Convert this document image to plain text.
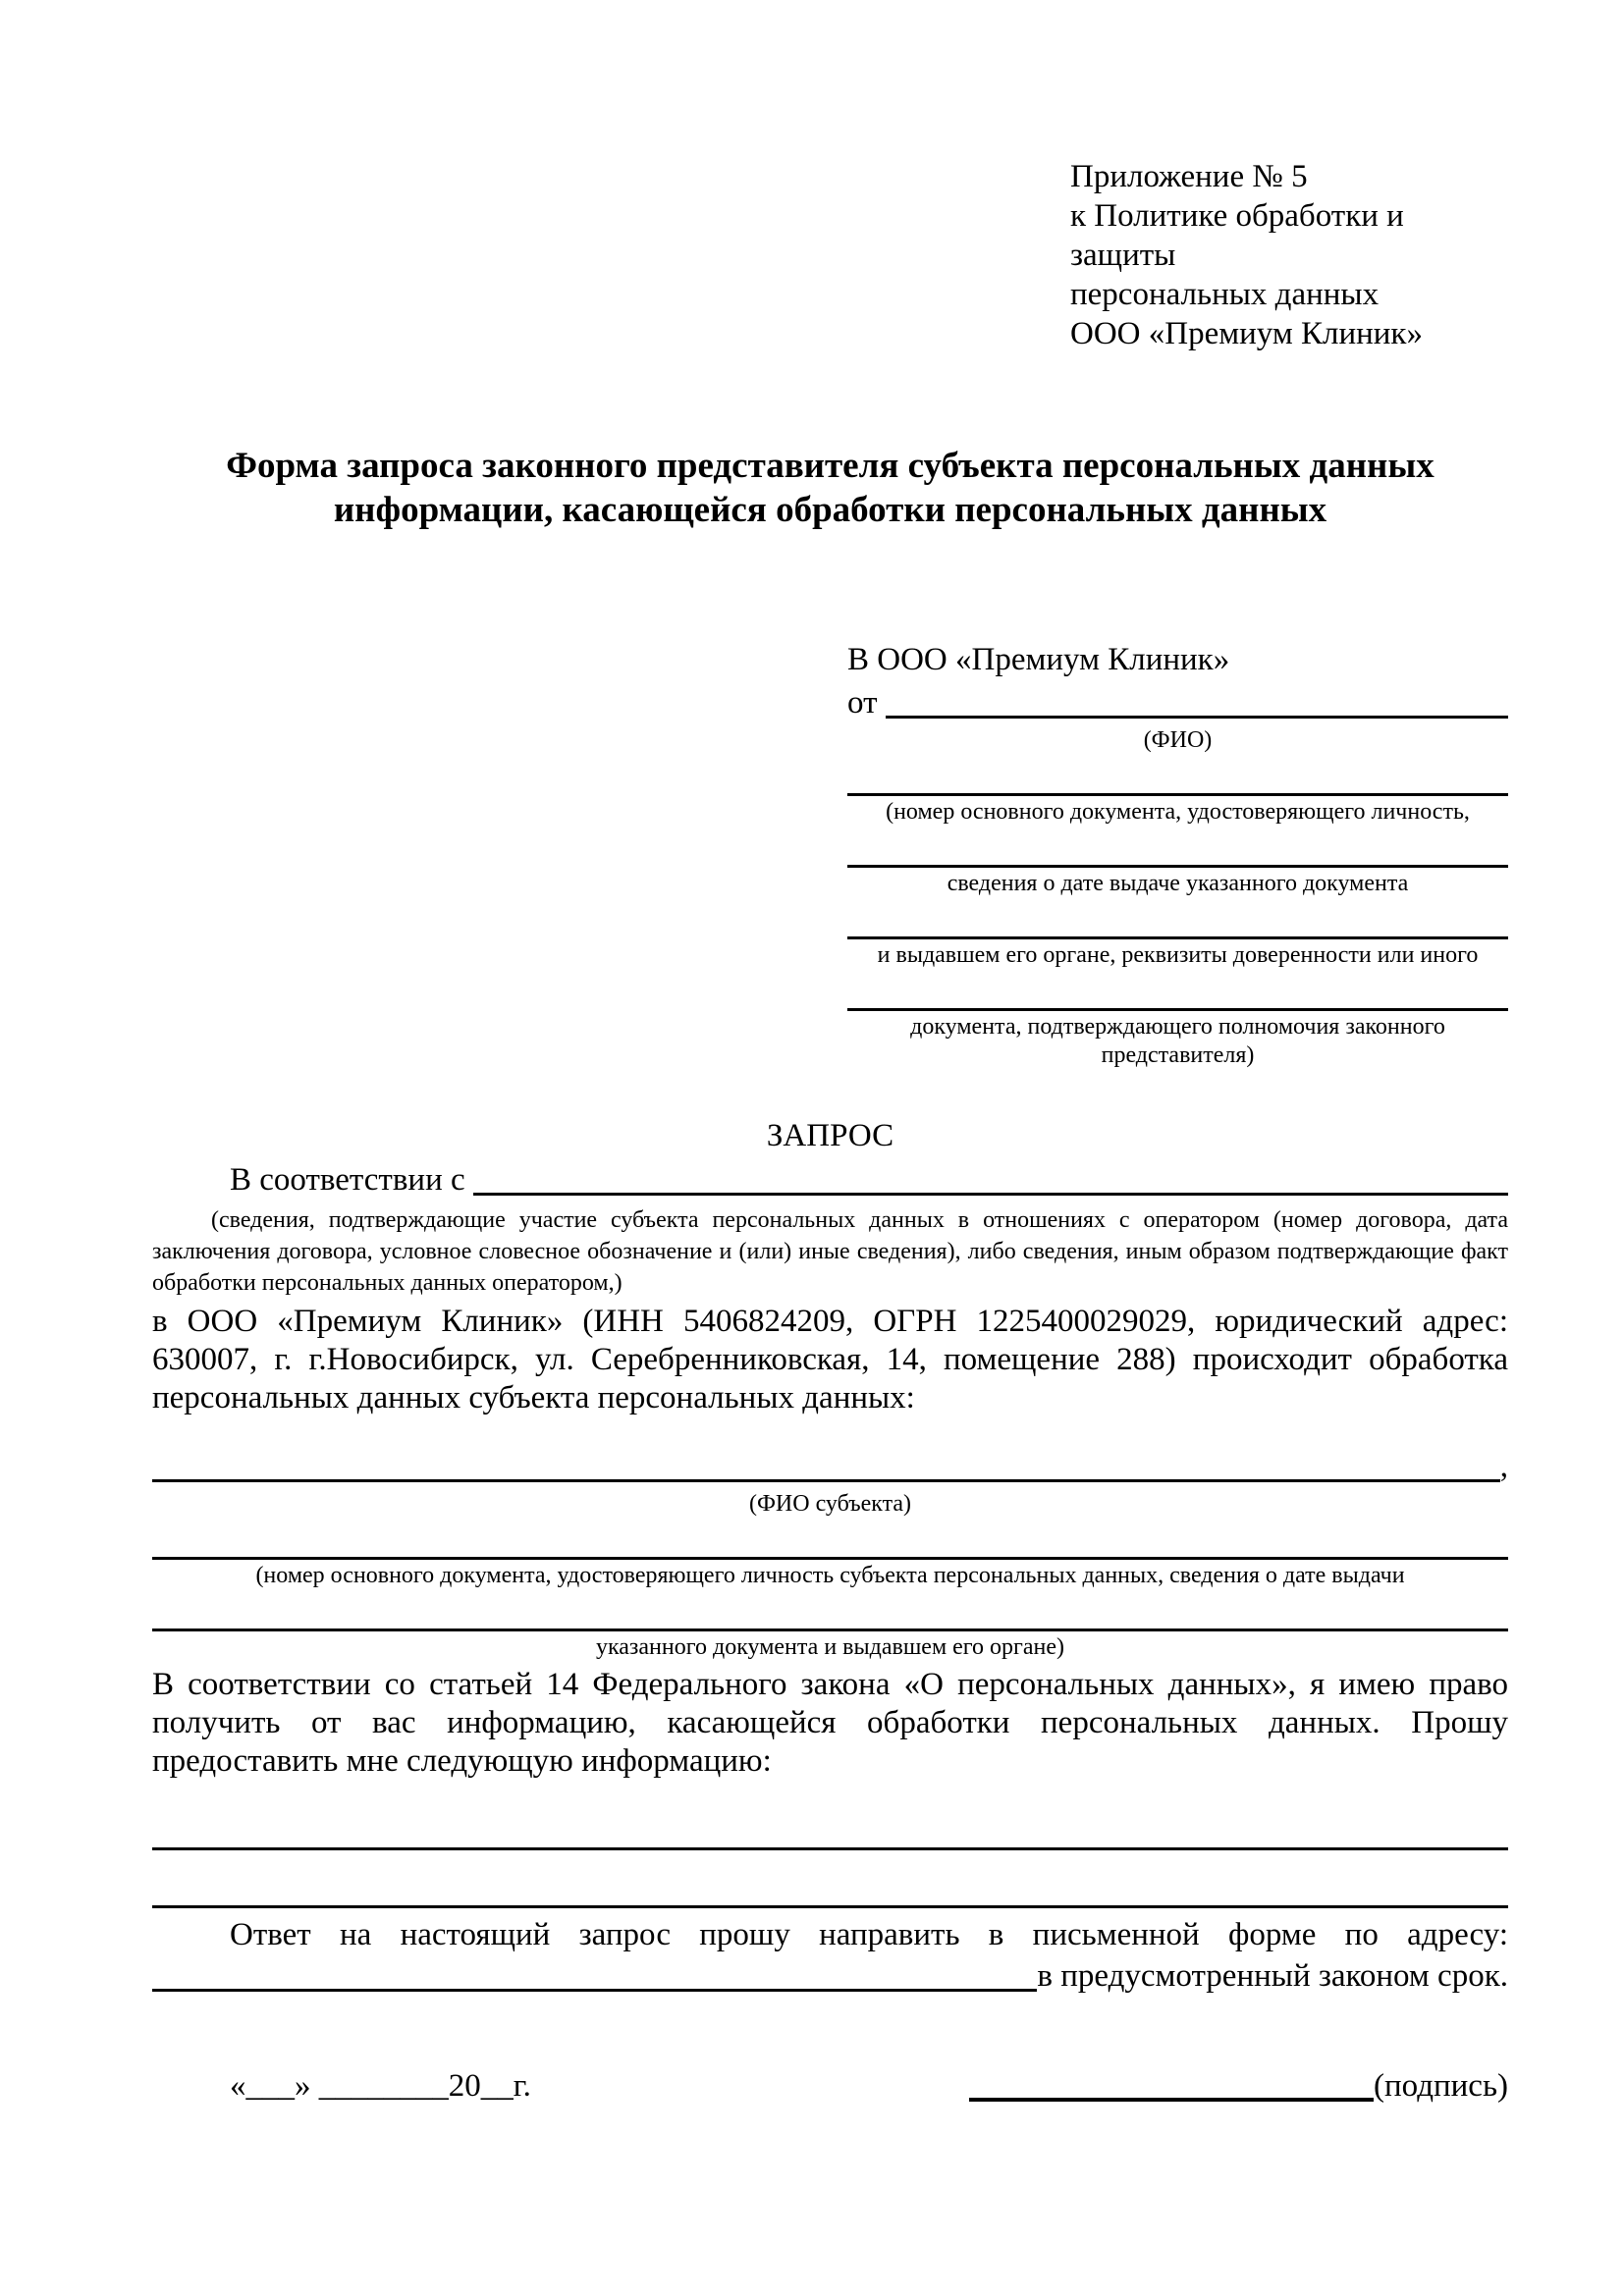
Приложение № 5
к Политике обработки и защиты
персональных данных
ООО «Премиум Клиник»
Форма запроса законного представителя субъекта персональных данных информации, касающейся обработки персональных данных
В ООО «Премиум Клиник»
от
(ФИО)
(номер основного документа, удостоверяющего личность,
сведения о дате выдаче указанного документа
и выдавшем его органе, реквизиты доверенности или иного
документа, подтверждающего полномочия законного представителя)
ЗАПРОС
В соответствии с
(сведения, подтверждающие участие субъекта персональных данных в отношениях с оператором (номер договора, дата заключения договора, условное словесное обозначение и (или) иные сведения), либо сведения, иным образом подтверждающие факт обработки персональных данных оператором,)
в ООО «Премиум Клиник» (ИНН 5406824209, ОГРН 1225400029029, юридический адрес: 630007, г. г.Новосибирск, ул. Серебренниковская, 14, помещение 288) происходит обработка персональных данных субъекта персональных данных:
,
(ФИО субъекта)
(номер основного документа, удостоверяющего личность субъекта персональных данных, сведения о дате выдачи
указанного документа и выдавшем его органе)
В соответствии со статьей 14 Федерального закона «О персональных данных», я имею право получить от вас информацию, касающейся обработки персональных данных. Прошу предоставить мне следующую информацию:
Ответ на настоящий запрос прошу направить в письменной форме по адресу:
в предусмотренный законом срок.
«___» ________20__г.	(подпись)
